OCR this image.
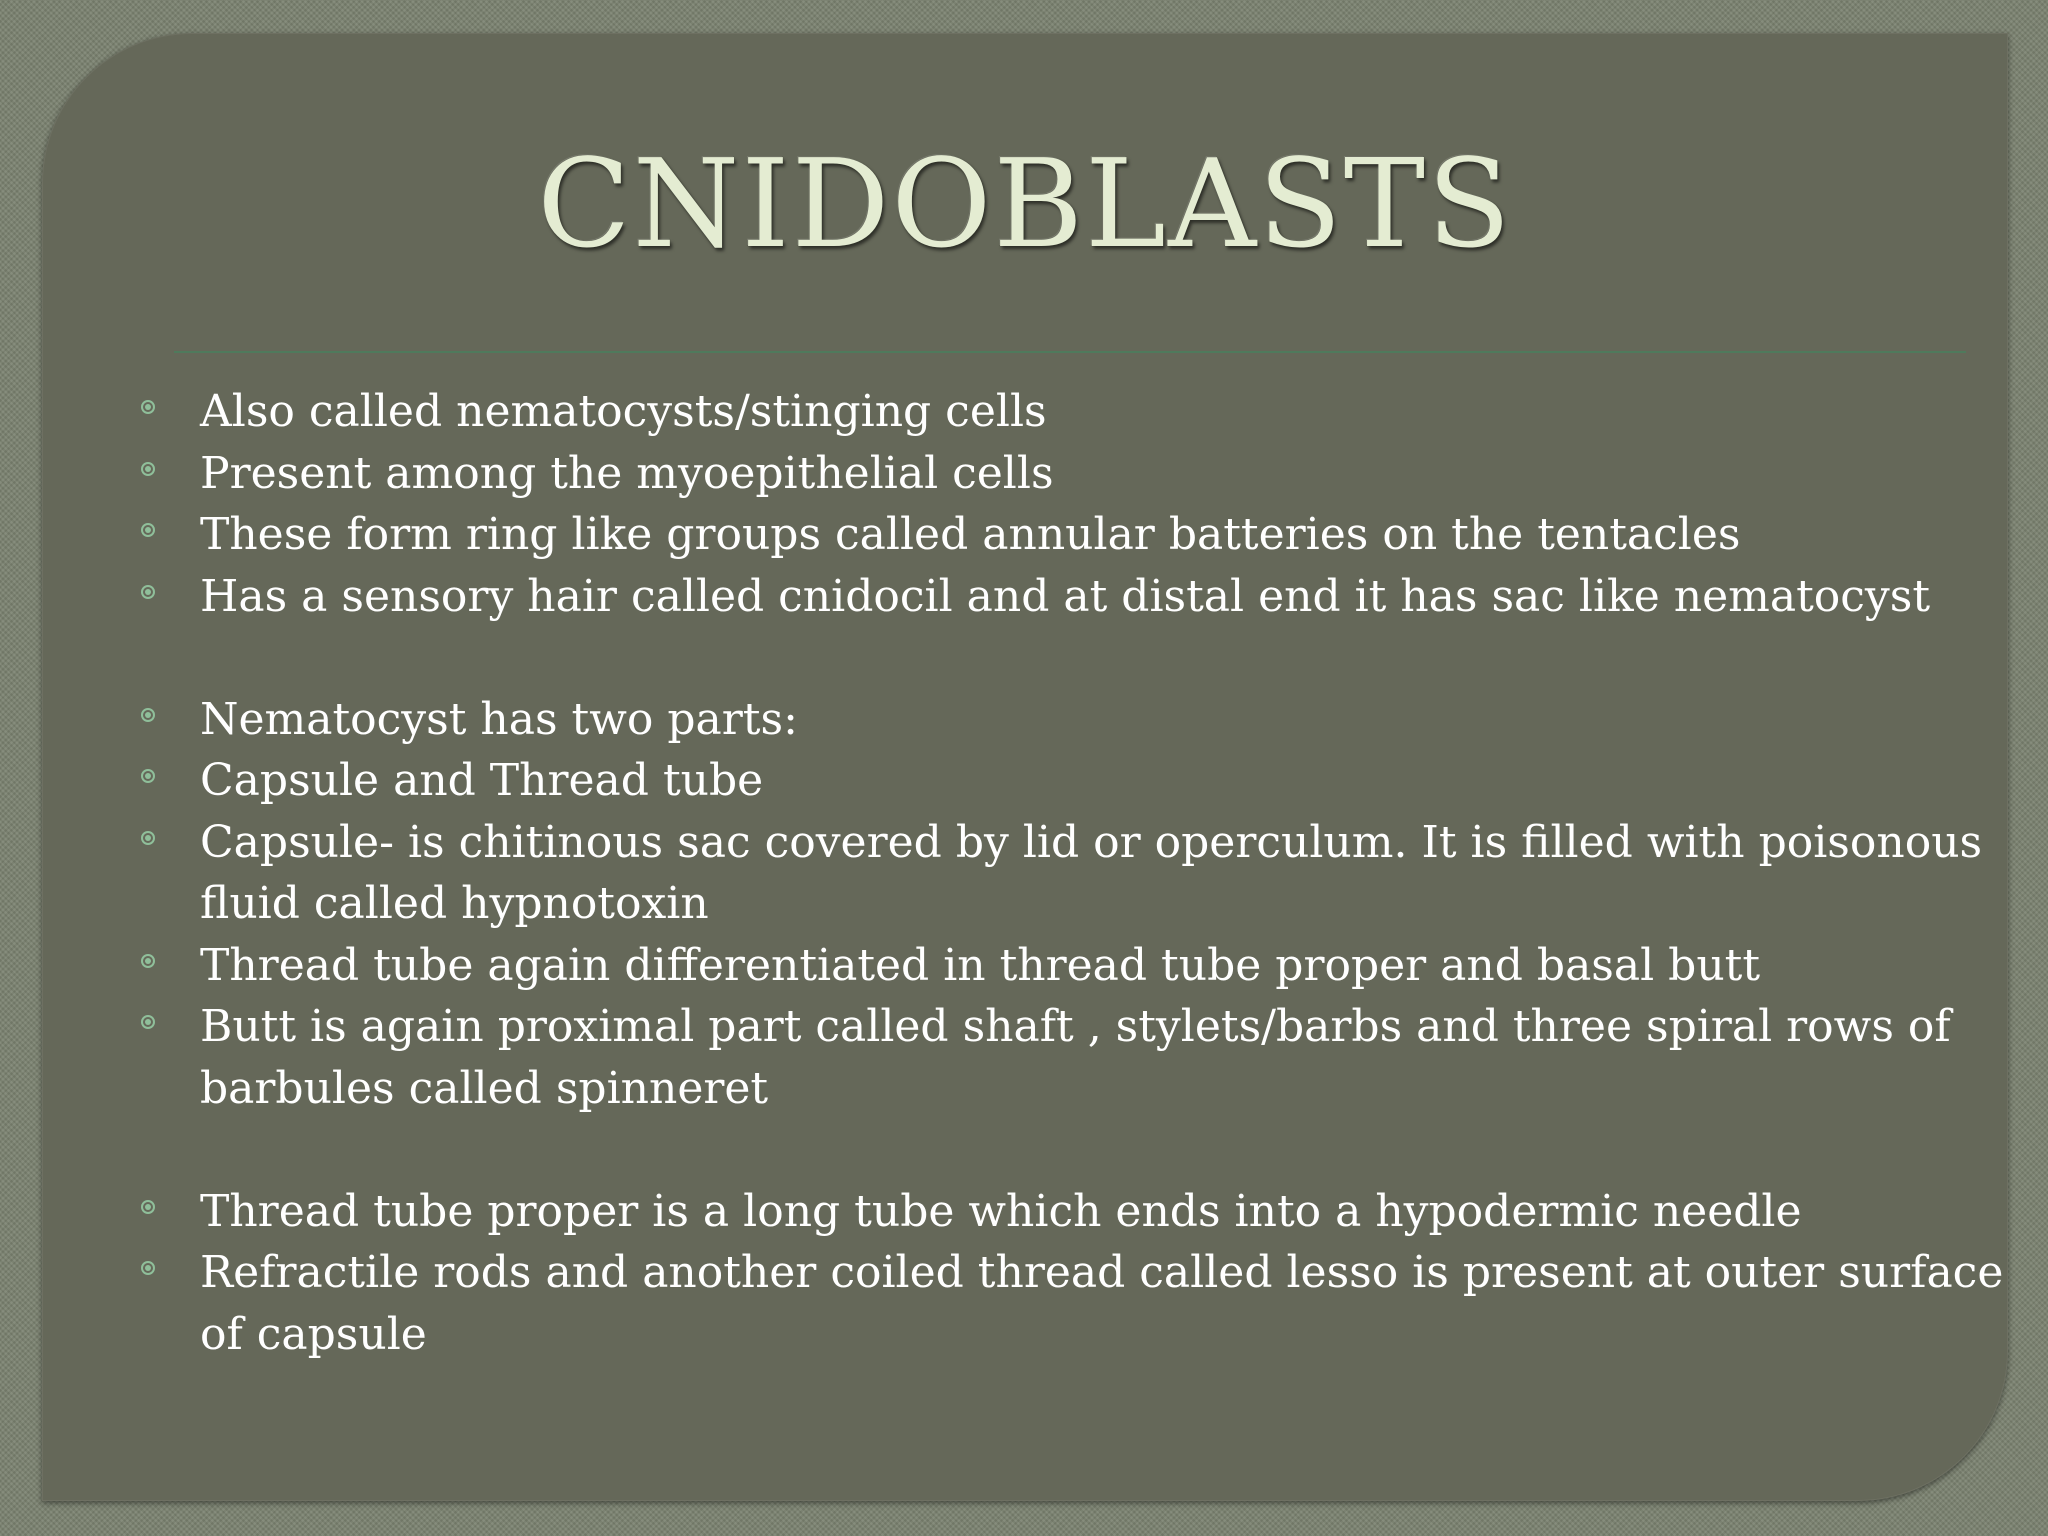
CNIDOBLASTS
Also called nematocysts/stinging cells
Present among the myoepithelial cells
These form ring like groups called annular batteries on the tentacles
Has a sensory hair called cnidocil and at distal end it has sac like nematocyst
Nematocyst has two parts:
Capsule and Thread tube
Capsule- is chitinous sac covered by lid or operculum. It is filled with poisonous fluid called hypnotoxin
Thread tube again differentiated in thread tube proper and basal butt
Butt is again proximal part called shaft , stylets/barbs and three spiral rows of barbules called spinneret
Thread tube proper is a long tube which ends into a hypodermic needle
Refractile rods and another coiled thread called lesso is present at outer surface of capsule
